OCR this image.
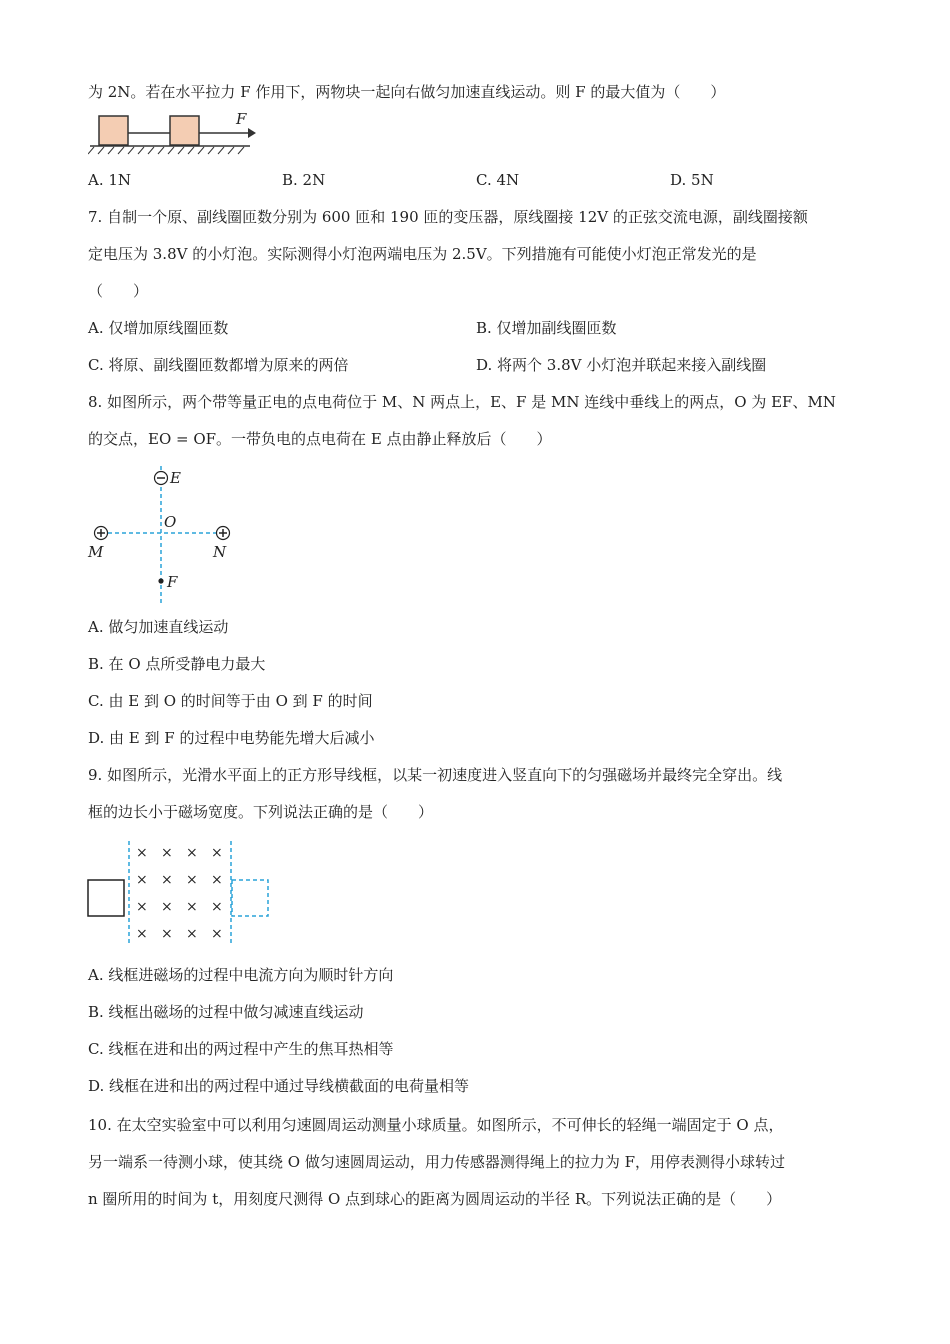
为 2N。若在水平拉力 F 作用下，两物块一起向右做匀加速直线运动。则 F 的最大值为（　　）
F
A. 1N	B. 2N	C. 4N	D. 5N
7. 自制一个原、副线圈匝数分别为 600 匝和 190 匝的变压器，原线圈接 12V 的正弦交流电源，副线圈接额
定电压为 3.8V 的小灯泡。实际测得小灯泡两端电压为 2.5V。下列措施有可能使小灯泡正常发光的是
（　　）
A. 仅增加原线圈匝数	B. 仅增加副线圈匝数
C. 将原、副线圈匝数都增为原来的两倍	D. 将两个 3.8V 小灯泡并联起来接入副线圈
8. 如图所示，两个带等量正电的点电荷位于 M、N 两点上，E、F 是 MN 连线中垂线上的两点，O 为 EF、MN
的交点，EO = OF。一带负电的点电荷在 E 点由静止释放后（　　）
E
O
M	N
F
A. 做匀加速直线运动
B. 在 O 点所受静电力最大
C. 由 E 到 O 的时间等于由 O 到 F 的时间
D. 由 E 到 F 的过程中电势能先增大后减小
9. 如图所示，光滑水平面上的正方形导线框，以某一初速度进入竖直向下的匀强磁场并最终完全穿出。线
框的边长小于磁场宽度。下列说法正确的是（　　）
× × × ×
× × × ×
× × × ×
× × × ×
A. 线框进磁场的过程中电流方向为顺时针方向
B. 线框出磁场的过程中做匀减速直线运动
C. 线框在进和出的两过程中产生的焦耳热相等
D. 线框在进和出的两过程中通过导线横截面的电荷量相等
10. 在太空实验室中可以利用匀速圆周运动测量小球质量。如图所示，不可伸长的轻绳一端固定于 O 点，
另一端系一待测小球，使其绕 O 做匀速圆周运动，用力传感器测得绳上的拉力为 F，用停表测得小球转过
n 圈所用的时间为 t，用刻度尺测得 O 点到球心的距离为圆周运动的半径 R。下列说法正确的是（　　）
